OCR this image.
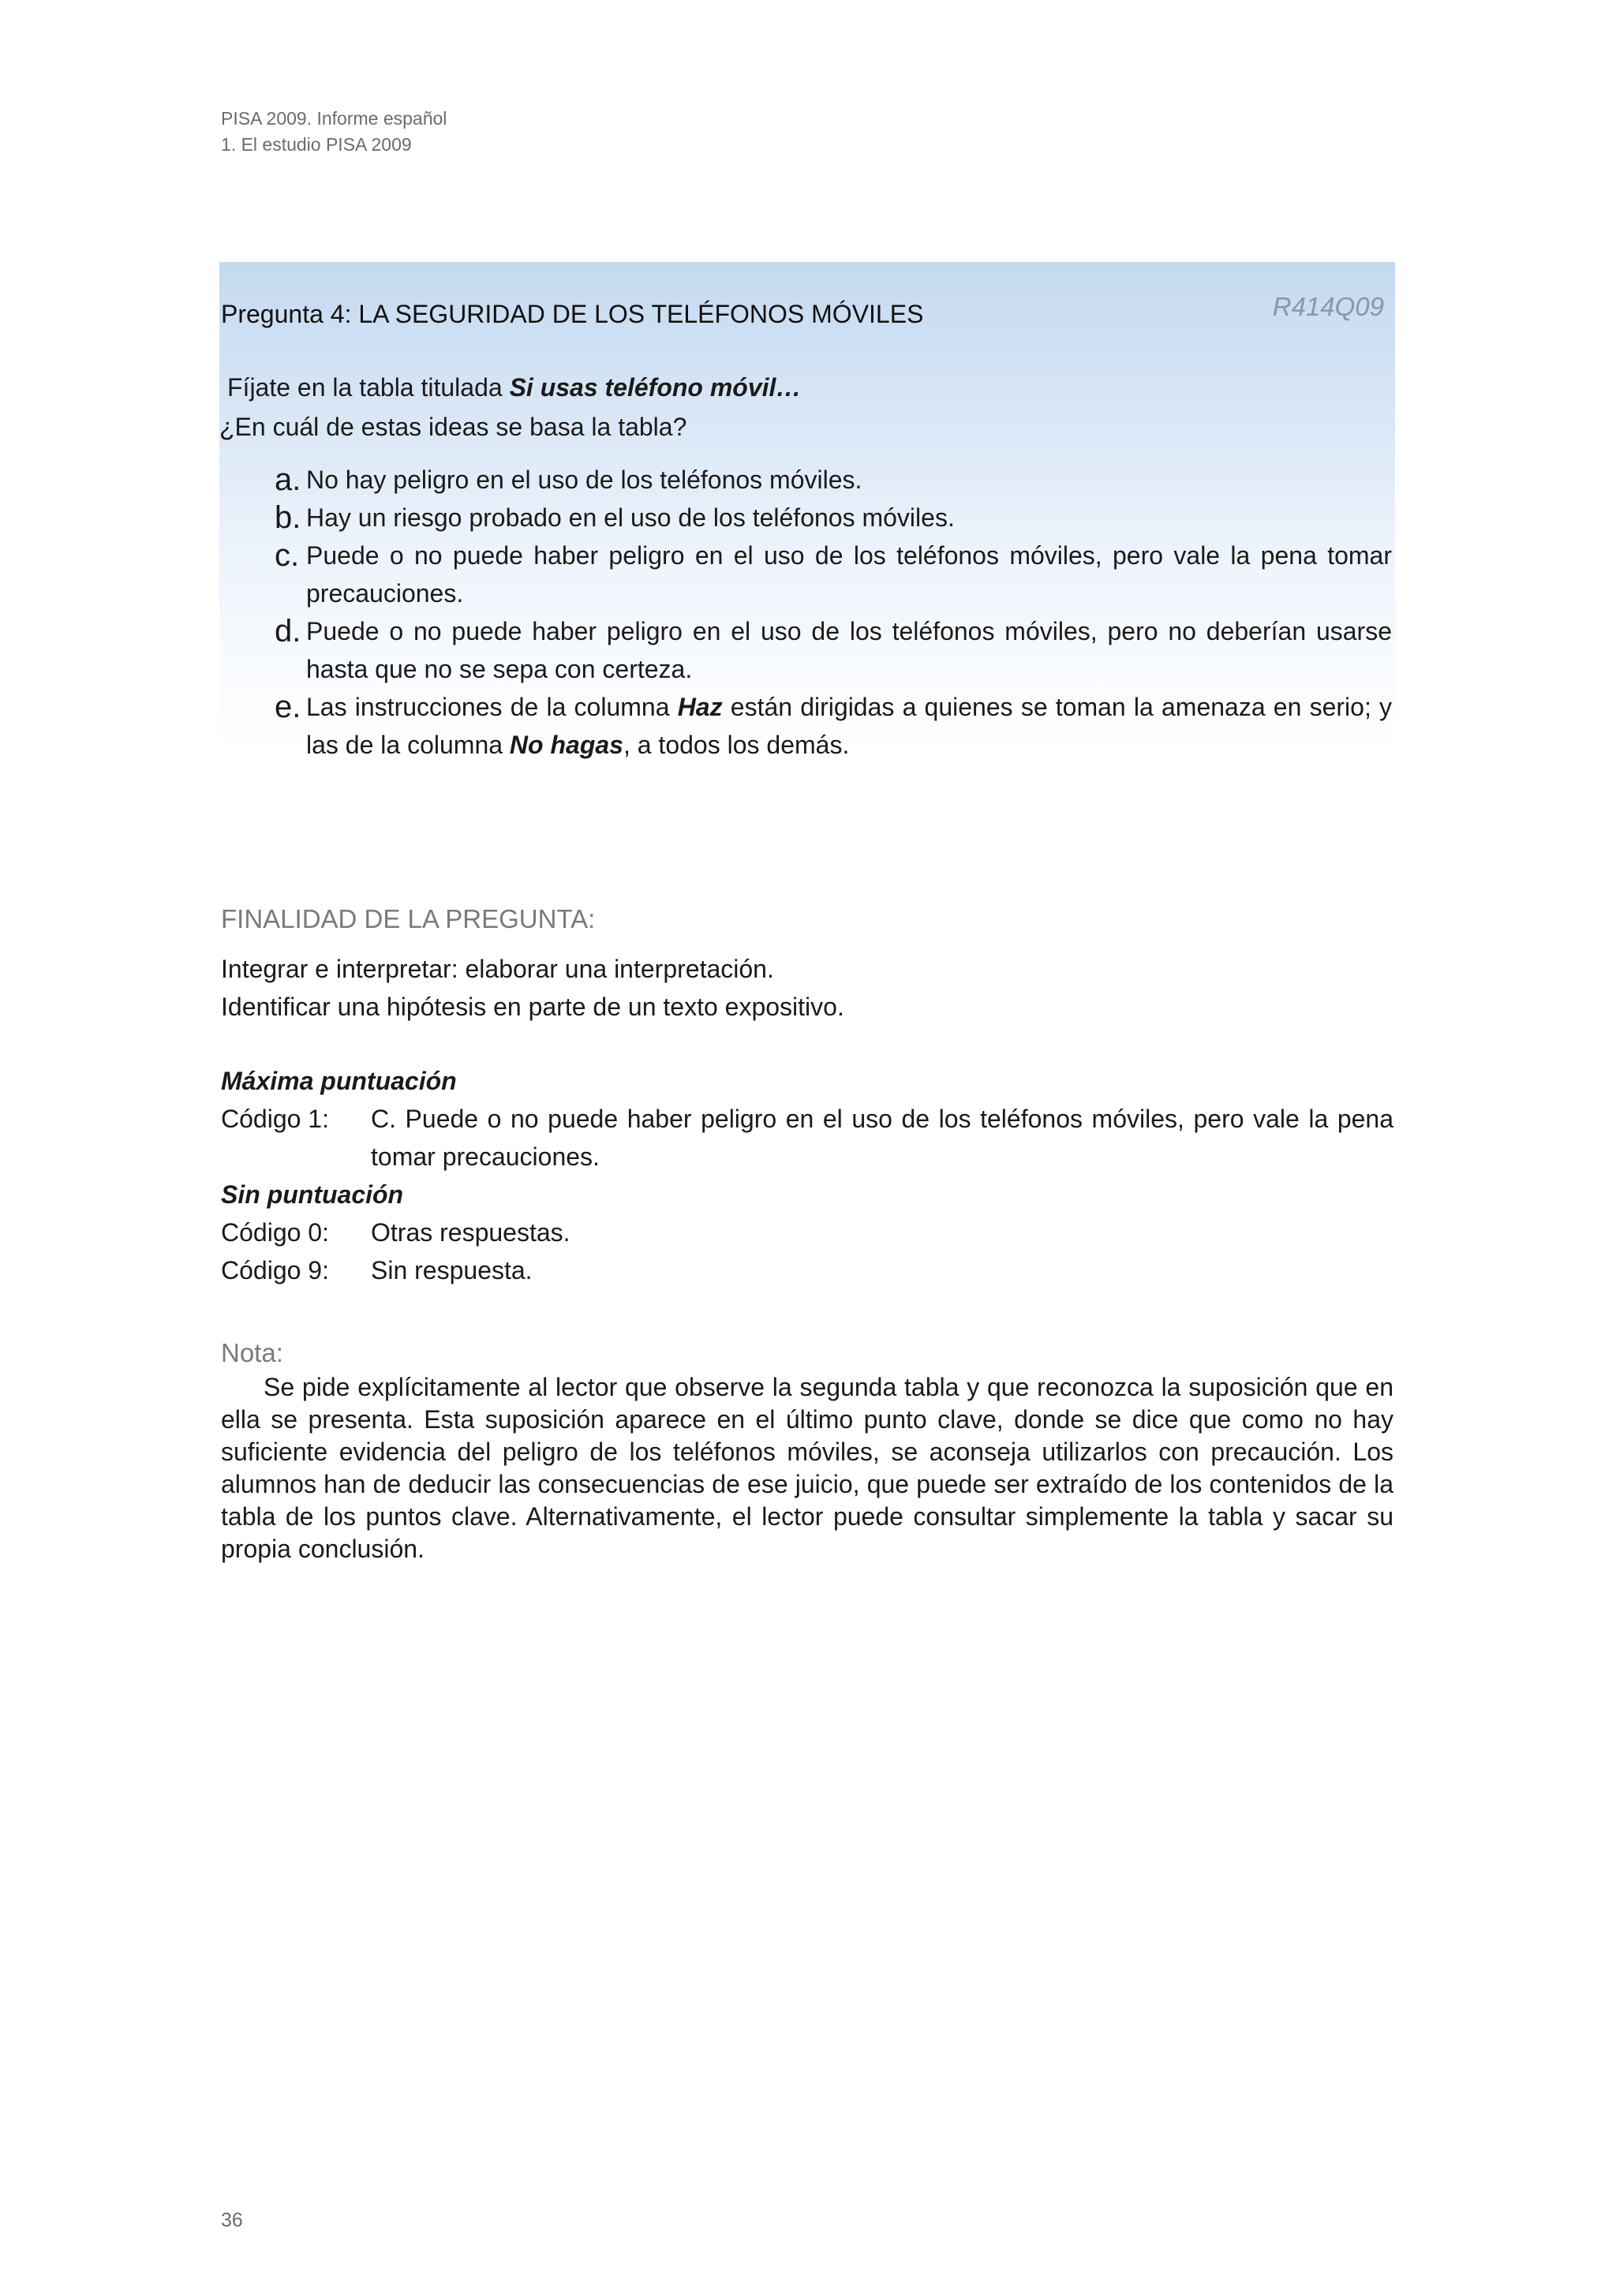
PISA 2009. Informe español
1. El estudio PISA 2009
R414Q09
Pregunta 4: LA SEGURIDAD DE LOS TELÉFONOS MÓVILES
Fíjate en la tabla titulada Si usas teléfono móvil…
¿En cuál de estas ideas se basa la tabla?
a. No hay peligro en el uso de los teléfonos móviles.
b. Hay un riesgo probado en el uso de los teléfonos móviles.
c. Puede o no puede haber peligro en el uso de los teléfonos móviles, pero vale la pena tomar precauciones.
d. Puede o no puede haber peligro en el uso de los teléfonos móviles, pero no deberían usarse hasta que no se sepa con certeza.
e. Las instrucciones de la columna Haz están dirigidas a quienes se toman la amenaza en serio; y las de la columna No hagas, a todos los demás.
FINALIDAD DE LA PREGUNTA:
Integrar e interpretar: elaborar una interpretación.
Identificar una hipótesis en parte de un texto expositivo.
Máxima puntuación
Código 1:	C. Puede o no puede haber peligro en el uso de los teléfonos móviles, pero vale la pena tomar precauciones.
Sin puntuación
Código 0:	Otras respuestas.
Código 9:	Sin respuesta.
Nota:
Se pide explícitamente al lector que observe la segunda tabla y que reconozca la suposición que en ella se presenta. Esta suposición aparece en el último punto clave, donde se dice que como no hay suficiente evidencia del peligro de los teléfonos móviles, se aconseja utilizarlos con precaución. Los alumnos han de deducir las consecuencias de ese juicio, que puede ser extraído de los contenidos de la tabla de los puntos clave. Alternativamente, el lector puede consultar simplemente la tabla y sacar su propia conclusión.
36
